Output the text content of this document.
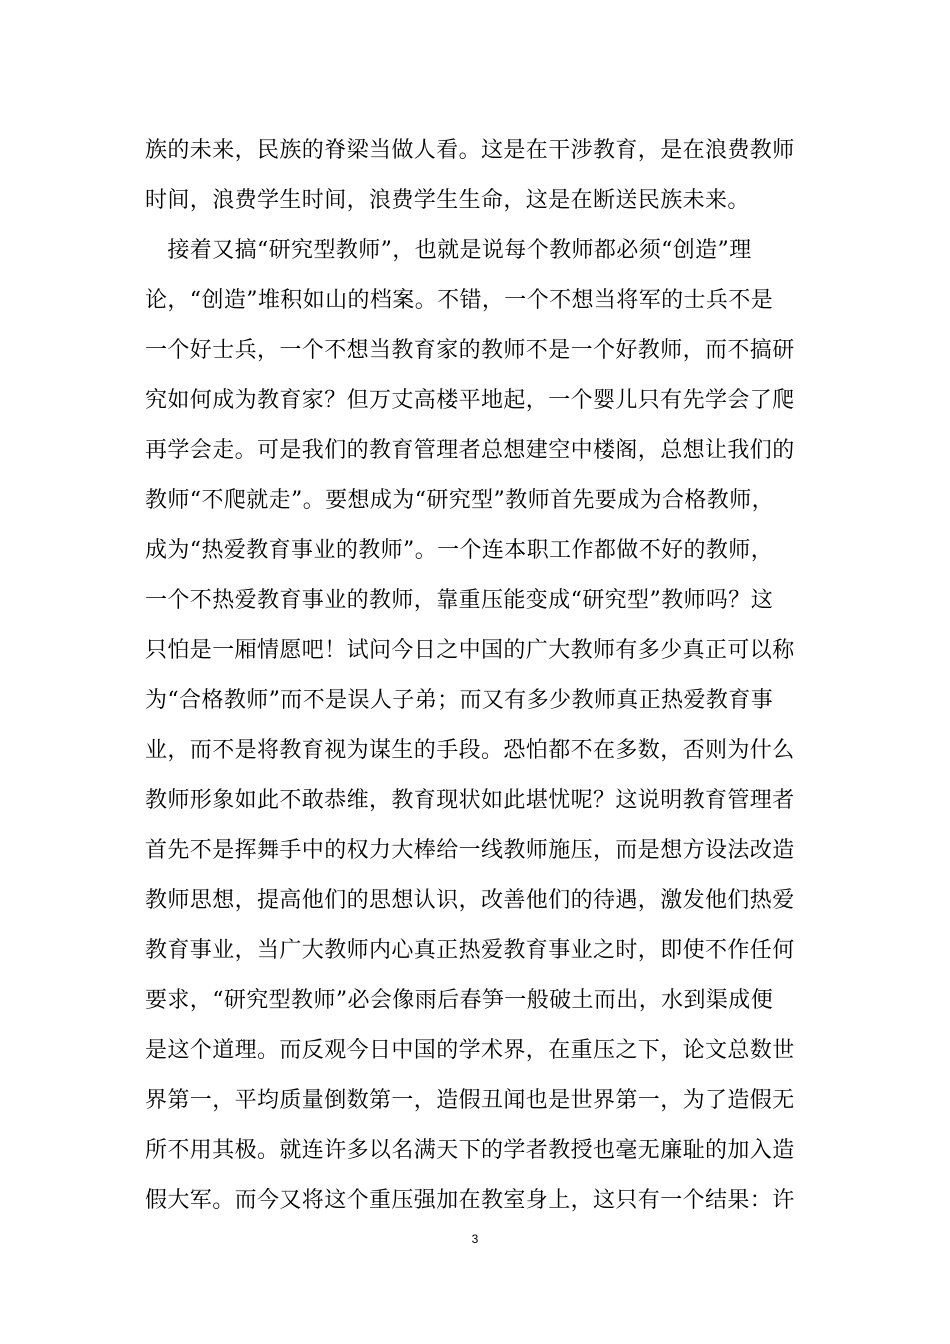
族的未来，民族的脊梁当做人看。这是在干涉教育，是在浪费教师
时间，浪费学生时间，浪费学生生命，这是在断送民族未来。
　接着又搞“研究型教师”，也就是说每个教师都必须“创造”理
论，“创造”堆积如山的档案。不错，一个不想当将军的士兵不是
一个好士兵，一个不想当教育家的教师不是一个好教师，而不搞研
究如何成为教育家？但万丈高楼平地起，一个婴儿只有先学会了爬
再学会走。可是我们的教育管理者总想建空中楼阁，总想让我们的
教师“不爬就走”。要想成为“研究型”教师首先要成为合格教师，
成为“热爱教育事业的教师”。一个连本职工作都做不好的教师，
一个不热爱教育事业的教师，靠重压能变成“研究型”教师吗？这
只怕是一厢情愿吧！试问今日之中国的广大教师有多少真正可以称
为“合格教师”而不是误人子弟；而又有多少教师真正热爱教育事
业，而不是将教育视为谋生的手段。恐怕都不在多数，否则为什么
教师形象如此不敢恭维，教育现状如此堪忧呢？这说明教育管理者
首先不是挥舞手中的权力大棒给一线教师施压，而是想方设法改造
教师思想，提高他们的思想认识，改善他们的待遇，激发他们热爱
教育事业，当广大教师内心真正热爱教育事业之时，即使不作任何
要求，“研究型教师”必会像雨后春笋一般破土而出，水到渠成便
是这个道理。而反观今日中国的学术界，在重压之下，论文总数世
界第一，平均质量倒数第一，造假丑闻也是世界第一，为了造假无
所不用其极。就连许多以名满天下的学者教授也毫无廉耻的加入造
假大军。而今又将这个重压强加在教室身上，这只有一个结果：许
3
